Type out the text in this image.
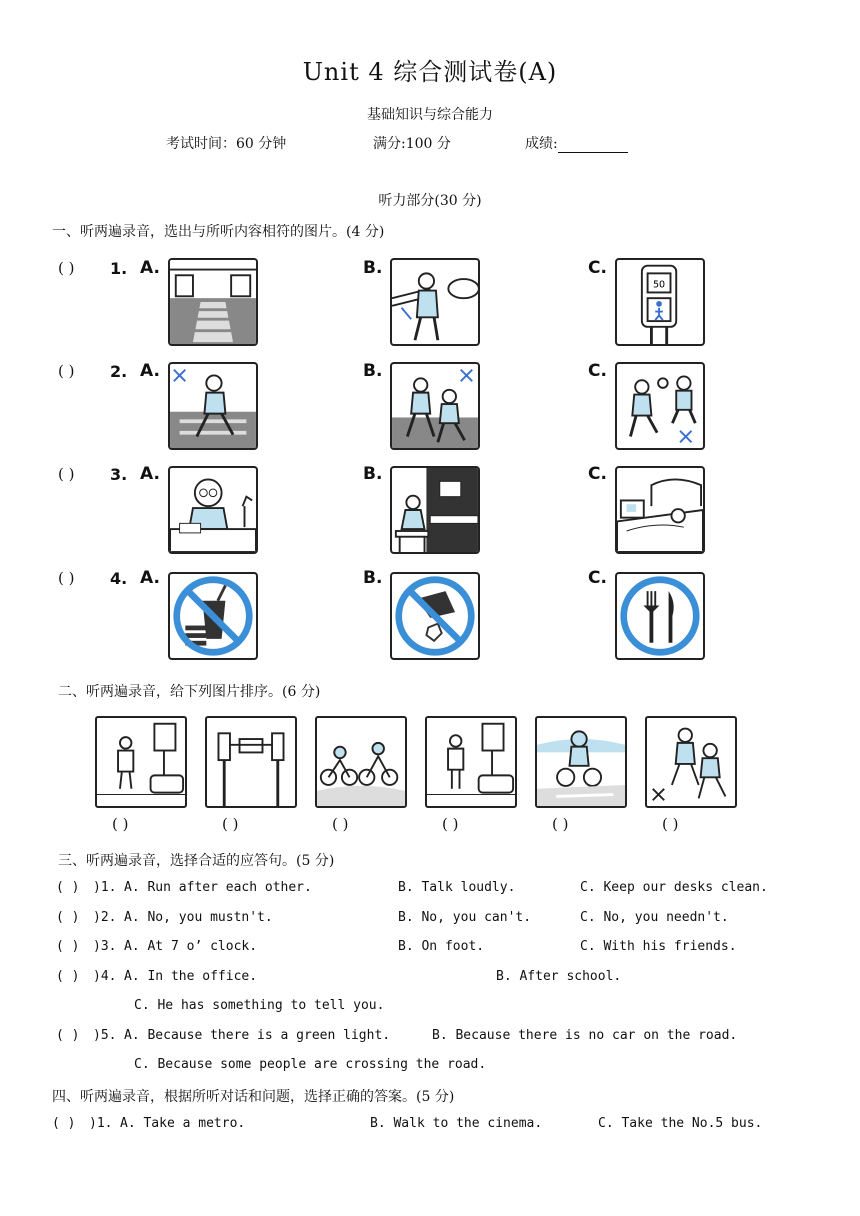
Unit 4 综合测试卷(A)
基础知识与综合能力
考试时间：60 分钟	满分:100 分	成绩:
听力部分(30 分)
一、听两遍录音，选出与所听内容相符的图片。(4 分)
( ) 1. A.	B.	C.
50
( ) 2. A.	B.	C.
( ) 3. A.	B.	C.
( ) 4. A.	B.	C.
二、听两遍录音，给下列图片排序。(6 分)
( )	( )	( )	( )	( )	( )
三、听两遍录音，选择合适的应答句。(5 分)
( ) )1. A. Run after each other.	B. Talk loudly.	C. Keep our desks clean.
( ) )2. A. No, you mustn't.	B. No, you can't.	C. No, you needn't.
( ) )3. A. At 7 o’ clock.	B. On foot.	C. With his friends.
( ) )4. A. In the office.	B. After school.
C. He has something to tell you.
( ) )5. A. Because there is a green light.	B. Because there is no car on the road.
C. Because some people are crossing the road.
四、听两遍录音，根据所听对话和问题，选择正确的答案。(5 分)
( ) )1. A. Take a metro.	B. Walk to the cinema.	C. Take the No.5 bus.
